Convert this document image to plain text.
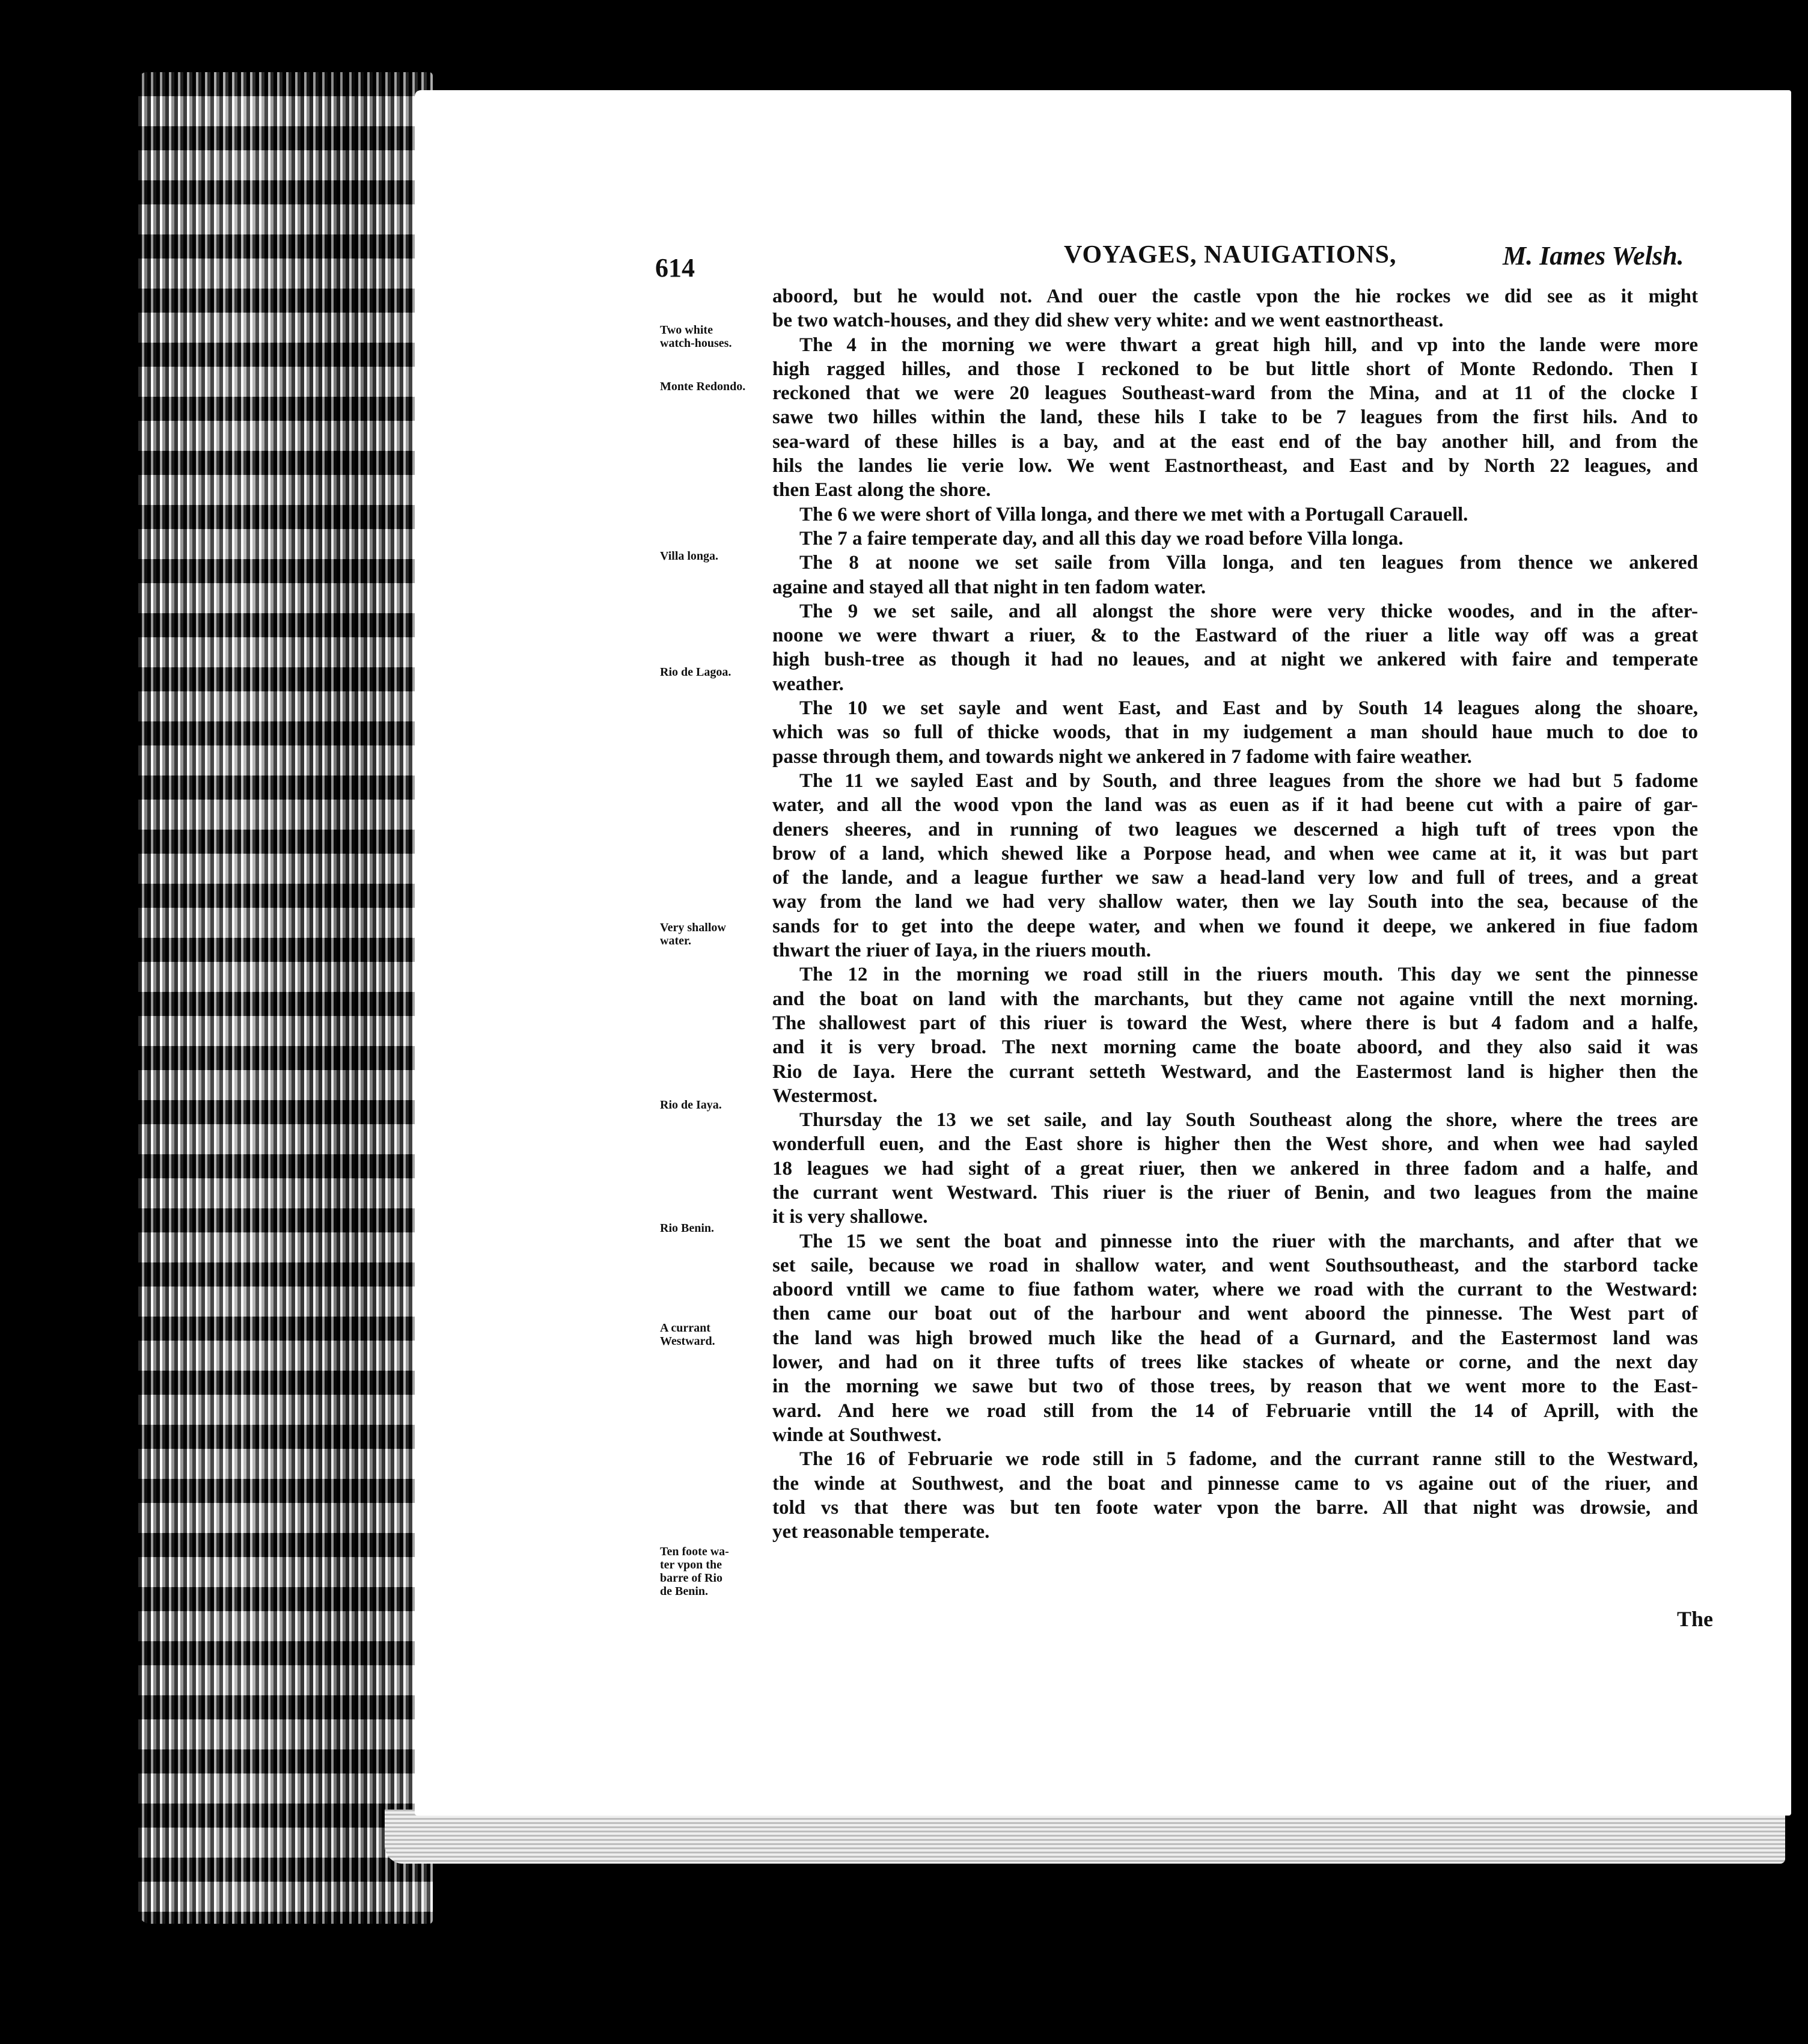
614	VOYAGES, NAUIGATIONS,	M. Iames Welsh.
Two white
watch-houses.
Monte Redondo.
Villa longa.
Rio de Lagoa.
Very shallow
water.
Rio de Iaya.
Rio Benin.
A currant
Westward.
Ten foote wa-
ter vpon the
barre of Rio
de Benin.
aboord, but he would not. And ouer the castle vpon the hie rockes we did see as it might
be two watch-houses, and they did shew very white: and we went eastnortheast.
The 4 in the morning we were thwart a great high hill, and vp into the lande were more
high ragged hilles, and those I reckoned to be but little short of Monte Redondo. Then I
reckoned that we were 20 leagues Southeast-ward from the Mina, and at 11 of the clocke I
sawe two hilles within the land, these hils I take to be 7 leagues from the first hils. And to
sea-ward of these hilles is a bay, and at the east end of the bay another hill, and from the
hils the landes lie verie low. We went Eastnortheast, and East and by North 22 leagues, and
then East along the shore.
The 6 we were short of Villa longa, and there we met with a Portugall Carauell.
The 7 a faire temperate day, and all this day we road before Villa longa.
The 8 at noone we set saile from Villa longa, and ten leagues from thence we ankered
againe and stayed all that night in ten fadom water.
The 9 we set saile, and all alongst the shore were very thicke woodes, and in the after-
noone we were thwart a riuer, & to the Eastward of the riuer a litle way off was a great
high bush-tree as though it had no leaues, and at night we ankered with faire and temperate
weather.
The 10 we set sayle and went East, and East and by South 14 leagues along the shoare,
which was so full of thicke woods, that in my iudgement a man should haue much to doe to
passe through them, and towards night we ankered in 7 fadome with faire weather.
The 11 we sayled East and by South, and three leagues from the shore we had but 5 fadome
water, and all the wood vpon the land was as euen as if it had beene cut with a paire of gar-
deners sheeres, and in running of two leagues we descerned a high tuft of trees vpon the
brow of a land, which shewed like a Porpose head, and when wee came at it, it was but part
of the lande, and a league further we saw a head-land very low and full of trees, and a great
way from the land we had very shallow water, then we lay South into the sea, because of the
sands for to get into the deepe water, and when we found it deepe, we ankered in fiue fadom
thwart the riuer of Iaya, in the riuers mouth.
The 12 in the morning we road still in the riuers mouth. This day we sent the pinnesse
and the boat on land with the marchants, but they came not againe vntill the next morning.
The shallowest part of this riuer is toward the West, where there is but 4 fadom and a halfe,
and it is very broad. The next morning came the boate aboord, and they also said it was
Rio de Iaya. Here the currant setteth Westward, and the Eastermost land is higher then the
Westermost.
Thursday the 13 we set saile, and lay South Southeast along the shore, where the trees are
wonderfull euen, and the East shore is higher then the West shore, and when wee had sayled
18 leagues we had sight of a great riuer, then we ankered in three fadom and a halfe, and
the currant went Westward. This riuer is the riuer of Benin, and two leagues from the maine
it is very shallowe.
The 15 we sent the boat and pinnesse into the riuer with the marchants, and after that we
set saile, because we road in shallow water, and went Southsoutheast, and the starbord tacke
aboord vntill we came to fiue fathom water, where we road with the currant to the Westward:
then came our boat out of the harbour and went aboord the pinnesse. The West part of
the land was high browed much like the head of a Gurnard, and the Eastermost land was
lower, and had on it three tufts of trees like stackes of wheate or corne, and the next day
in the morning we sawe but two of those trees, by reason that we went more to the East-
ward. And here we road still from the 14 of Februarie vntill the 14 of Aprill, with the
winde at Southwest.
The 16 of Februarie we rode still in 5 fadome, and the currant ranne still to the Westward,
the winde at Southwest, and the boat and pinnesse came to vs againe out of the riuer, and
told vs that there was but ten foote water vpon the barre. All that night was drowsie, and
yet reasonable temperate.
The
